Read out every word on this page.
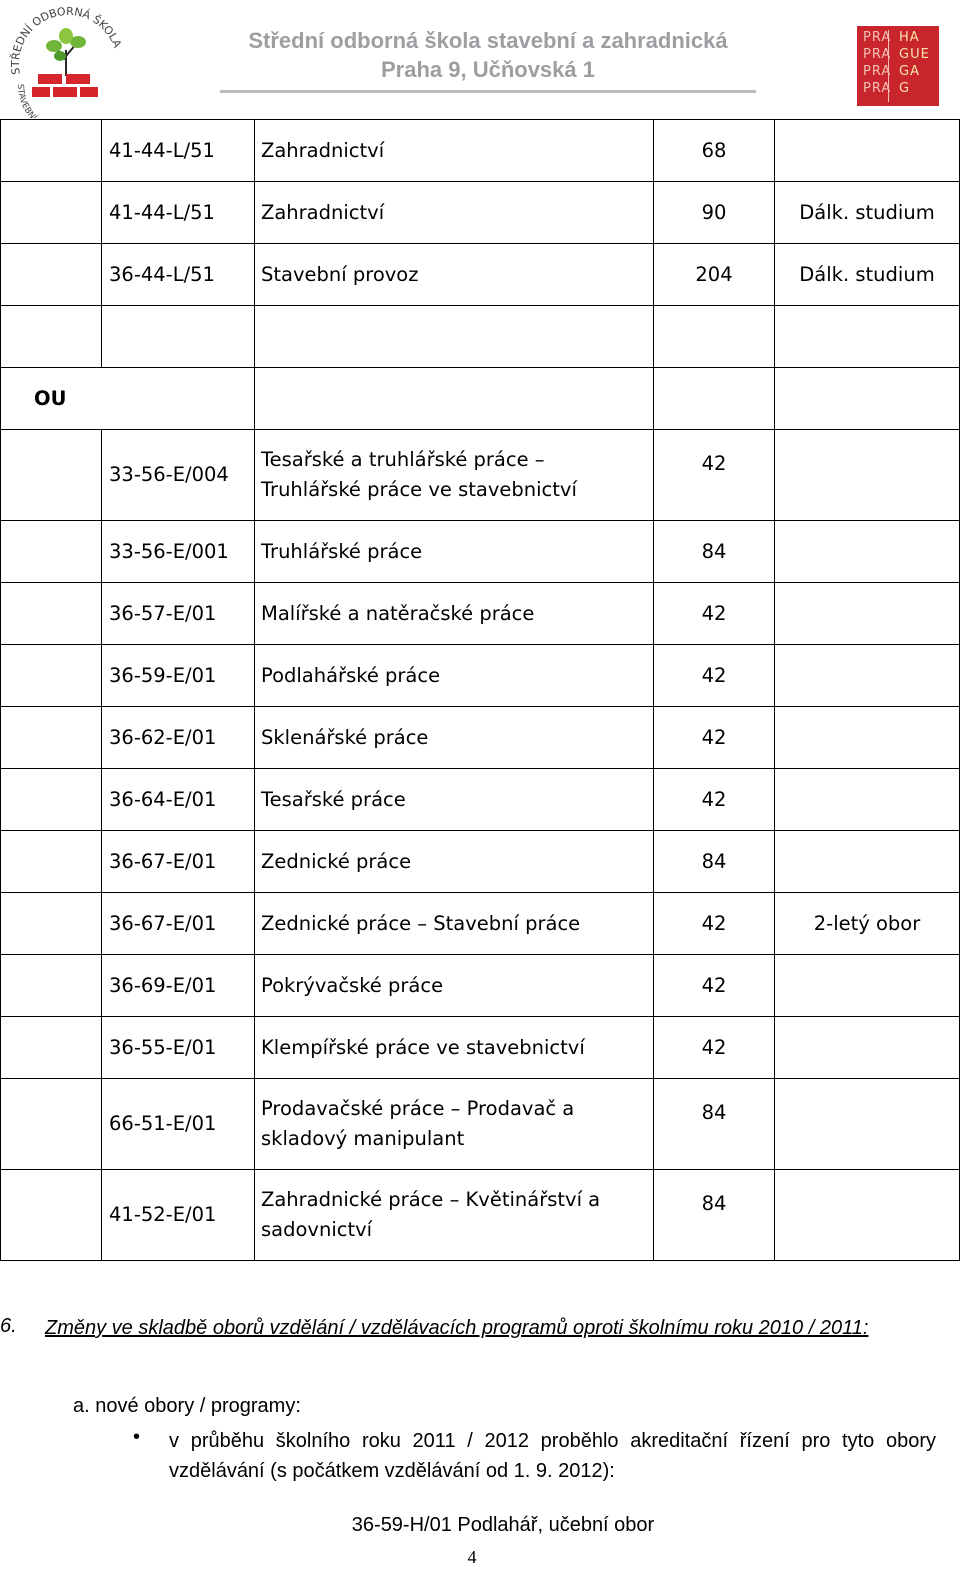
STŘEDNÍ ODBORNÁ ŠKOLA
STAVEBN
Střední odborná škola stavební a zahradnická
Praha 9, Učňovská 1
PRA HA
PRA GUE
PRA GA
PRA G
	41-44-L/51	Zahradnictví	68	
	41-44-L/51	Zahradnictví	90	Dálk. studium
	36-44-L/51	Stavební provoz	204	Dálk. studium

OU				
	33-56-E/004	Tesařské a truhlářské práce – Truhlářské práce ve stavebnictví	42	
	33-56-E/001	Truhlářské práce	84	
	36-57-E/01	Malířské a natěračské práce	42	
	36-59-E/01	Podlahářské práce	42	
	36-62-E/01	Sklenářské práce	42	
	36-64-E/01	Tesařské práce	42	
	36-67-E/01	Zednické práce	84	
	36-67-E/01	Zednické práce – Stavební práce	42	2-letý obor
	36-69-E/01	Pokrývačské práce	42	
	36-55-E/01	Klempířské práce ve stavebnictví	42	
	66-51-E/01	Prodavačské práce – Prodavač a skladový manipulant	84	
	41-52-E/01	Zahradnické práce – Květinářství a sadovnictví	84	
6. Změny ve skladbě oborů vzdělání / vzdělávacích programů oproti školnímu roku 2010 / 2011:
a. nové obory / programy:
• v průběhu školního roku 2011 / 2012 proběhlo akreditační řízení pro tyto obory vzdělávání (s počátkem vzdělávání od 1. 9. 2012):
36-59-H/01 Podlahář, učební obor
4
